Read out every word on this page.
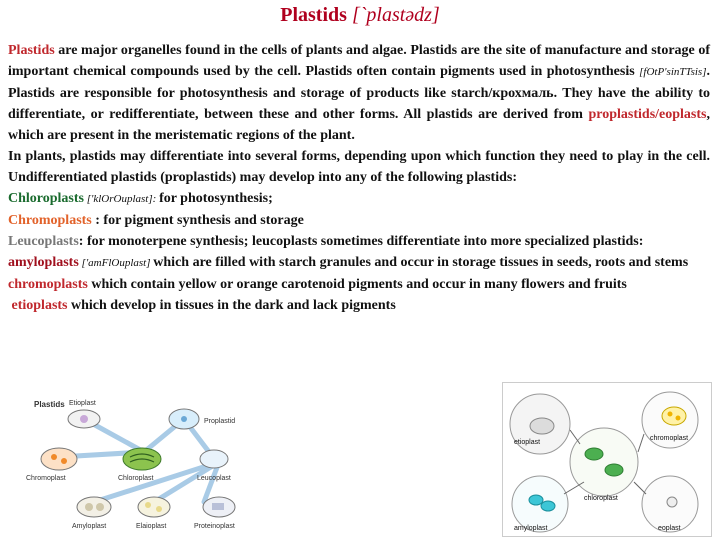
Plastids [`plastədz]

Plastids are major organelles found in the cells of plants and algae. Plastids are the site of manufacture and storage of important chemical compounds used by the cell. Plastids often contain pigments used in photosynthesis [fOtP'sinTTsis]. Plastids are responsible for photosynthesis and storage of products like starch/крохмаль. They have the ability to differentiate, or redifferentiate, between these and other forms. All plastids are derived from proplastids/eoplasts, which are present in the meristematic regions of the plant.

In plants, plastids may differentiate into several forms, depending upon which function they need to play in the cell. Undifferentiated plastids (proplastids) may develop into any of the following plastids:

Chloroplasts ['klOrOuplast]: for photosynthesis;

Chromoplasts : for pigment synthesis and storage

Leucoplasts: for monoterpene synthesis; leucoplasts sometimes differentiate into more specialized plastids:

amyloplasts ['amFlOuplast] which are filled with starch granules and occur in storage tissues in seeds, roots and stems

chromoplasts which contain yellow or orange carotenoid pigments and occur in many flowers and fruits

etioplasts which develop in tissues in the dark and lack pigments

Plastids Etioplast
Proplastid
Chromoplast	Chloroplast	Leucoplast
Amyloplast	Elaioplast	Proteinoplast
etioplast
chromoplast
chloroplast
amyloplast	eoplast
